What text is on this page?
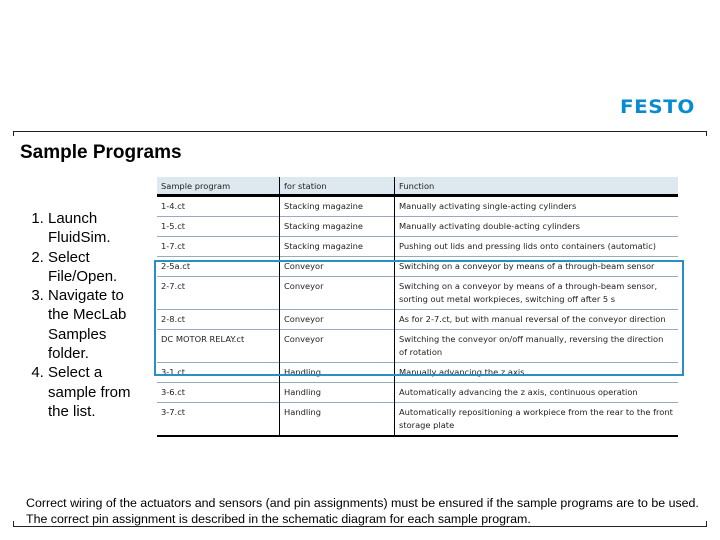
FESTO
Sample Programs
1. Launch FluidSim.
2. Select File/Open.
3. Navigate to the MecLab Samples folder.
4. Select a sample from the list.
Sample program	for station	Function
1-4.ct	Stacking magazine	Manually activating single-acting cylinders
1-5.ct	Stacking magazine	Manually activating double-acting cylinders
1-7.ct	Stacking magazine	Pushing out lids and pressing lids onto containers (automatic)
2-5a.ct	Conveyor	Switching on a conveyor by means of a through-beam sensor
2-7.ct	Conveyor	Switching on a conveyor by means of a through-beam sensor, sorting out metal workpieces, switching off after 5 s
2-8.ct	Conveyor	As for 2-7.ct, but with manual reversal of the conveyor direction
DC MOTOR RELAY.ct	Conveyor	Switching the conveyor on/off manually, reversing the direction of rotation
3-1.ct	Handling	Manually advancing the z axis
3-6.ct	Handling	Automatically advancing the z axis, continuous operation
3-7.ct	Handling	Automatically repositioning a workpiece from the rear to the front storage plate
Correct wiring of the actuators and sensors (and pin assignments) must be ensured if the sample programs are to be used. The correct pin assignment is described in the schematic diagram for each sample program.
